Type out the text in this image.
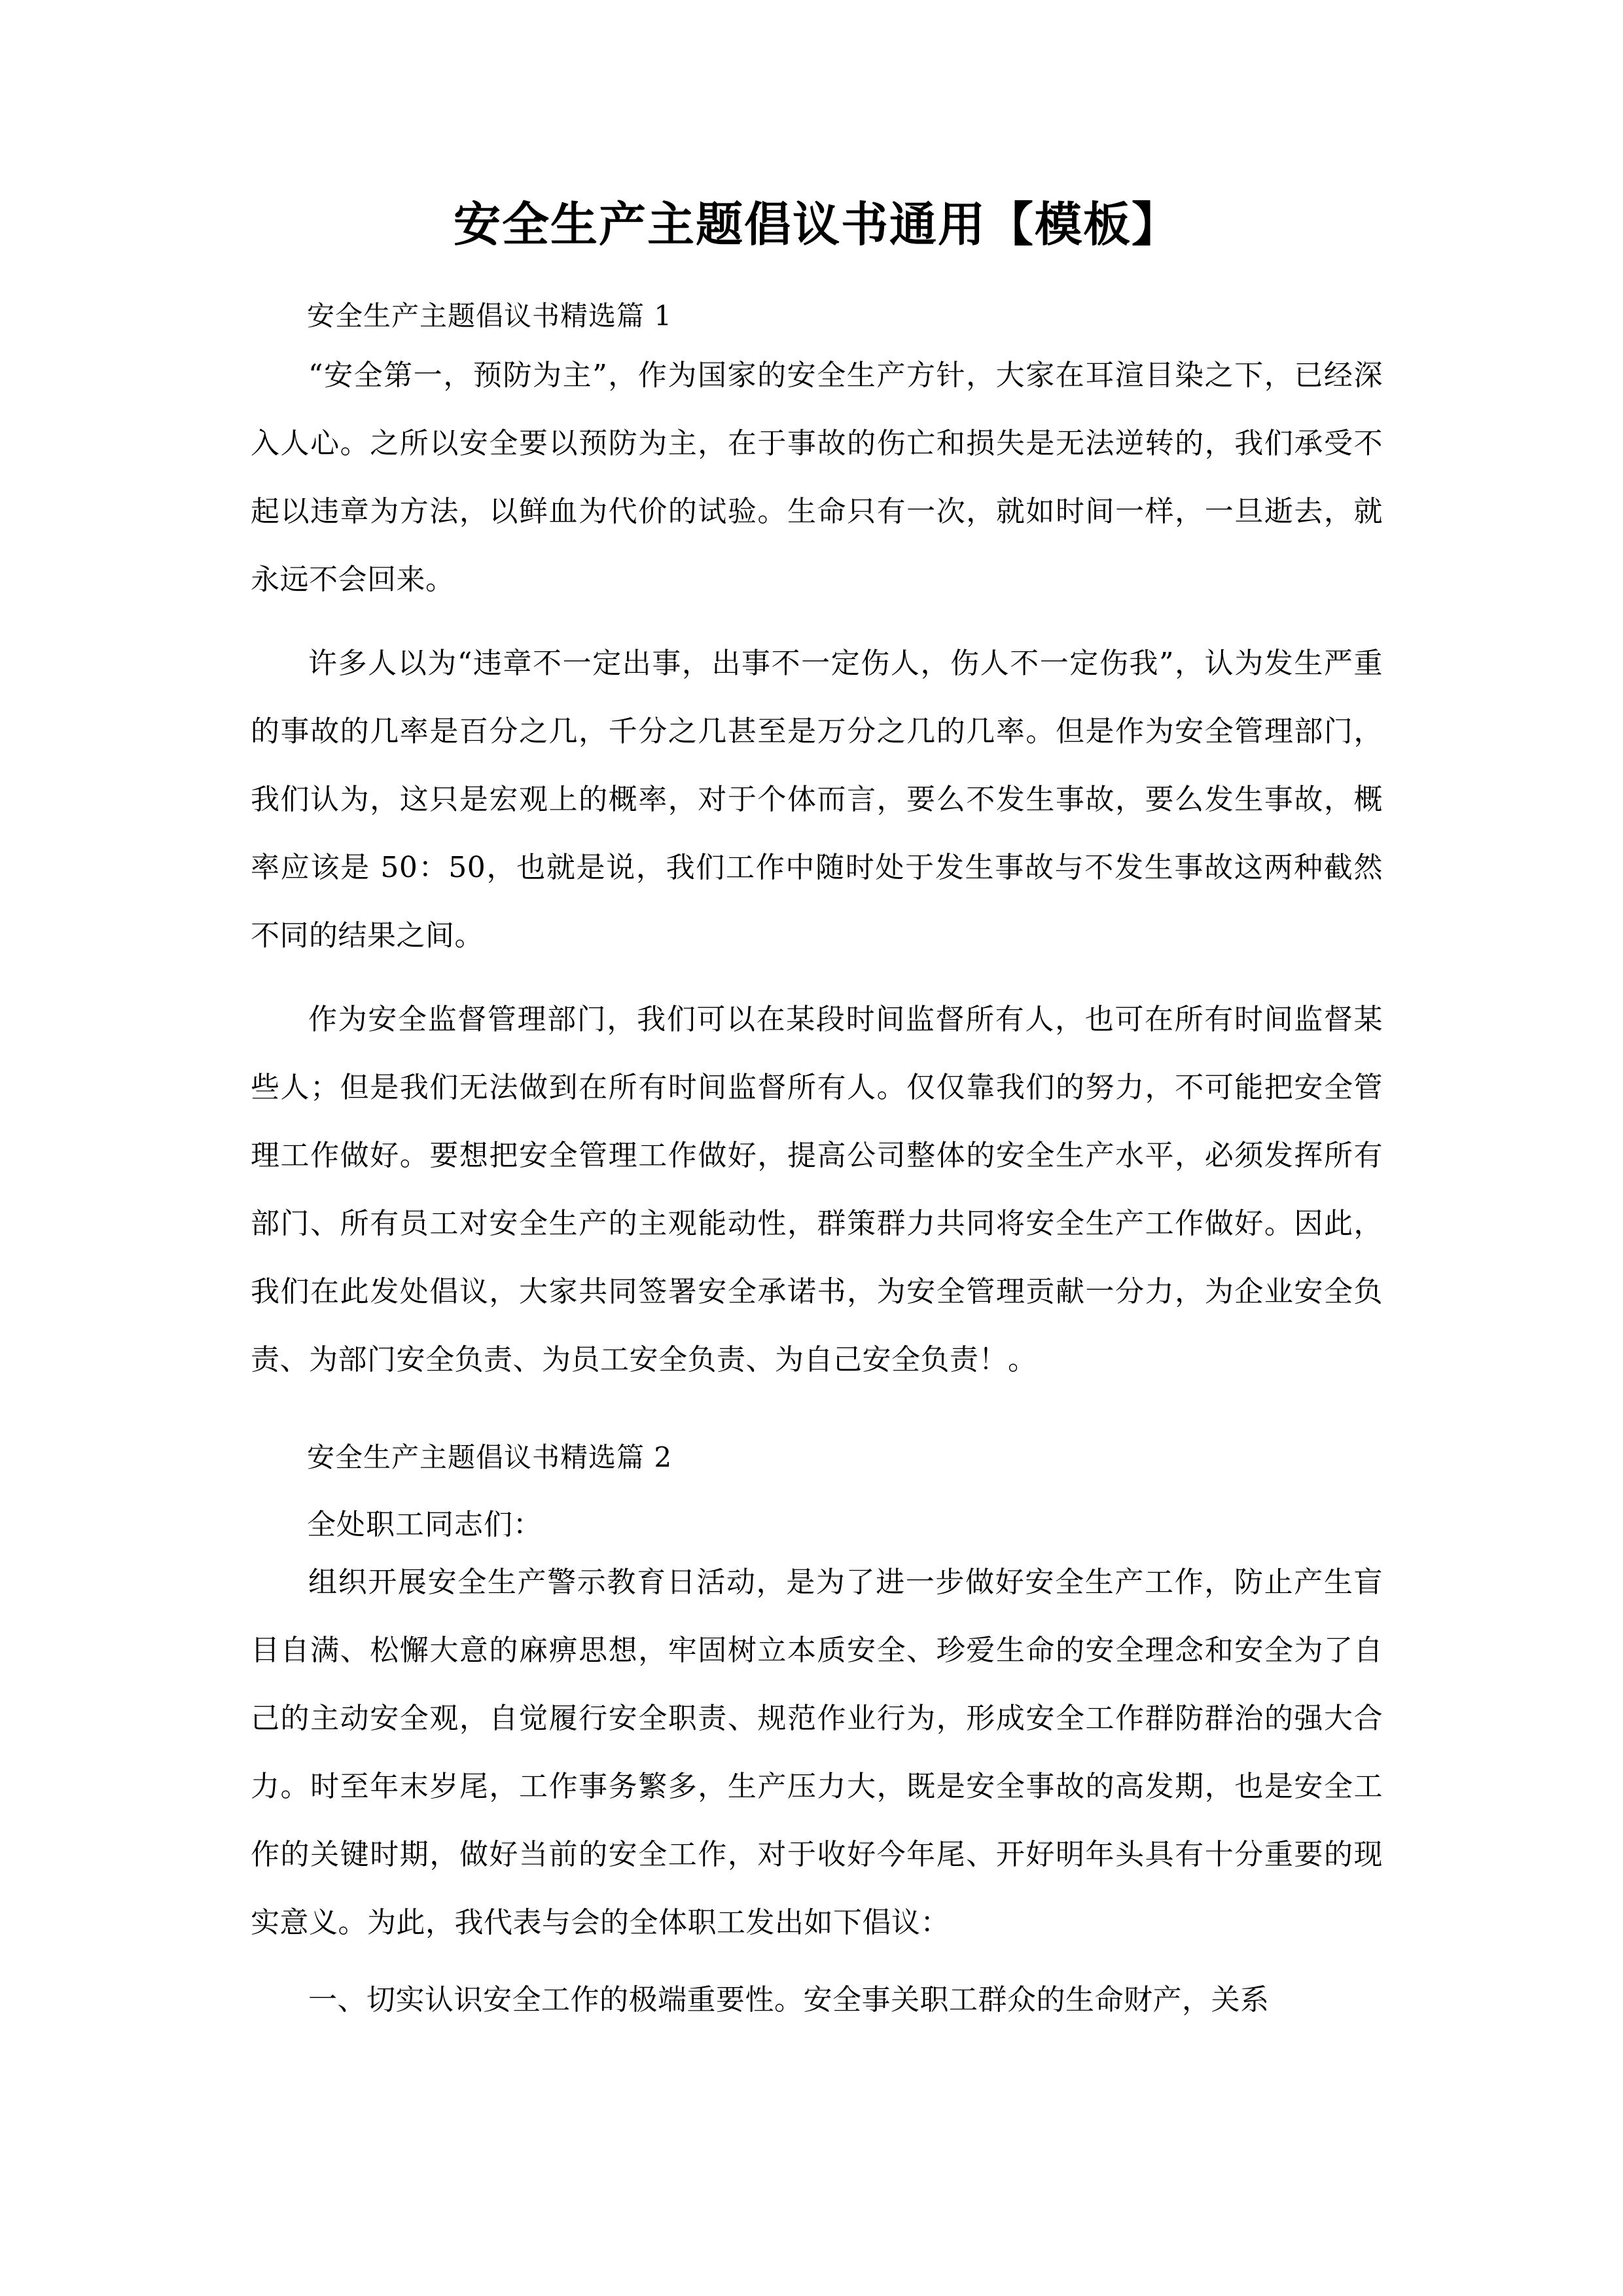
安全生产主题倡议书通用【模板】
安全生产主题倡议书精选篇 1

“安全第一，预防为主”，作为国家的安全生产方针，大家在耳渲目染之下，已经深入人心。之所以安全要以预防为主，在于事故的伤亡和损失是无法逆转的，我们承受不起以违章为方法，以鲜血为代价的试验。生命只有一次，就如时间一样，一旦逝去，就永远不会回来。

许多人以为“违章不一定出事，出事不一定伤人，伤人不一定伤我”，认为发生严重的事故的几率是百分之几，千分之几甚至是万分之几的几率。但是作为安全管理部门，我们认为，这只是宏观上的概率，对于个体而言，要么不发生事故，要么发生事故，概率应该是 50：50，也就是说，我们工作中随时处于发生事故与不发生事故这两种截然不同的结果之间。

作为安全监督管理部门，我们可以在某段时间监督所有人，也可在所有时间监督某些人；但是我们无法做到在所有时间监督所有人。仅仅靠我们的努力，不可能把安全管理工作做好。要想把安全管理工作做好，提高公司整体的安全生产水平，必须发挥所有部门、所有员工对安全生产的主观能动性，群策群力共同将安全生产工作做好。因此，我们在此发处倡议，大家共同签署安全承诺书，为安全管理贡献一分力，为企业安全负责、为部门安全负责、为员工安全负责、为自己安全负责！。

安全生产主题倡议书精选篇 2
全处职工同志们：

组织开展安全生产警示教育日活动，是为了进一步做好安全生产工作，防止产生盲目自满、松懈大意的麻痹思想，牢固树立本质安全、珍爱生命的安全理念和安全为了自己的主动安全观，自觉履行安全职责、规范作业行为，形成安全工作群防群治的强大合力。时至年末岁尾，工作事务繁多，生产压力大，既是安全事故的高发期，也是安全工作的关键时期，做好当前的安全工作，对于收好今年尾、开好明年头具有十分重要的现实意义。为此，我代表与会的全体职工发出如下倡议：

一、切实认识安全工作的极端重要性。安全事关职工群众的生命财产，关系
